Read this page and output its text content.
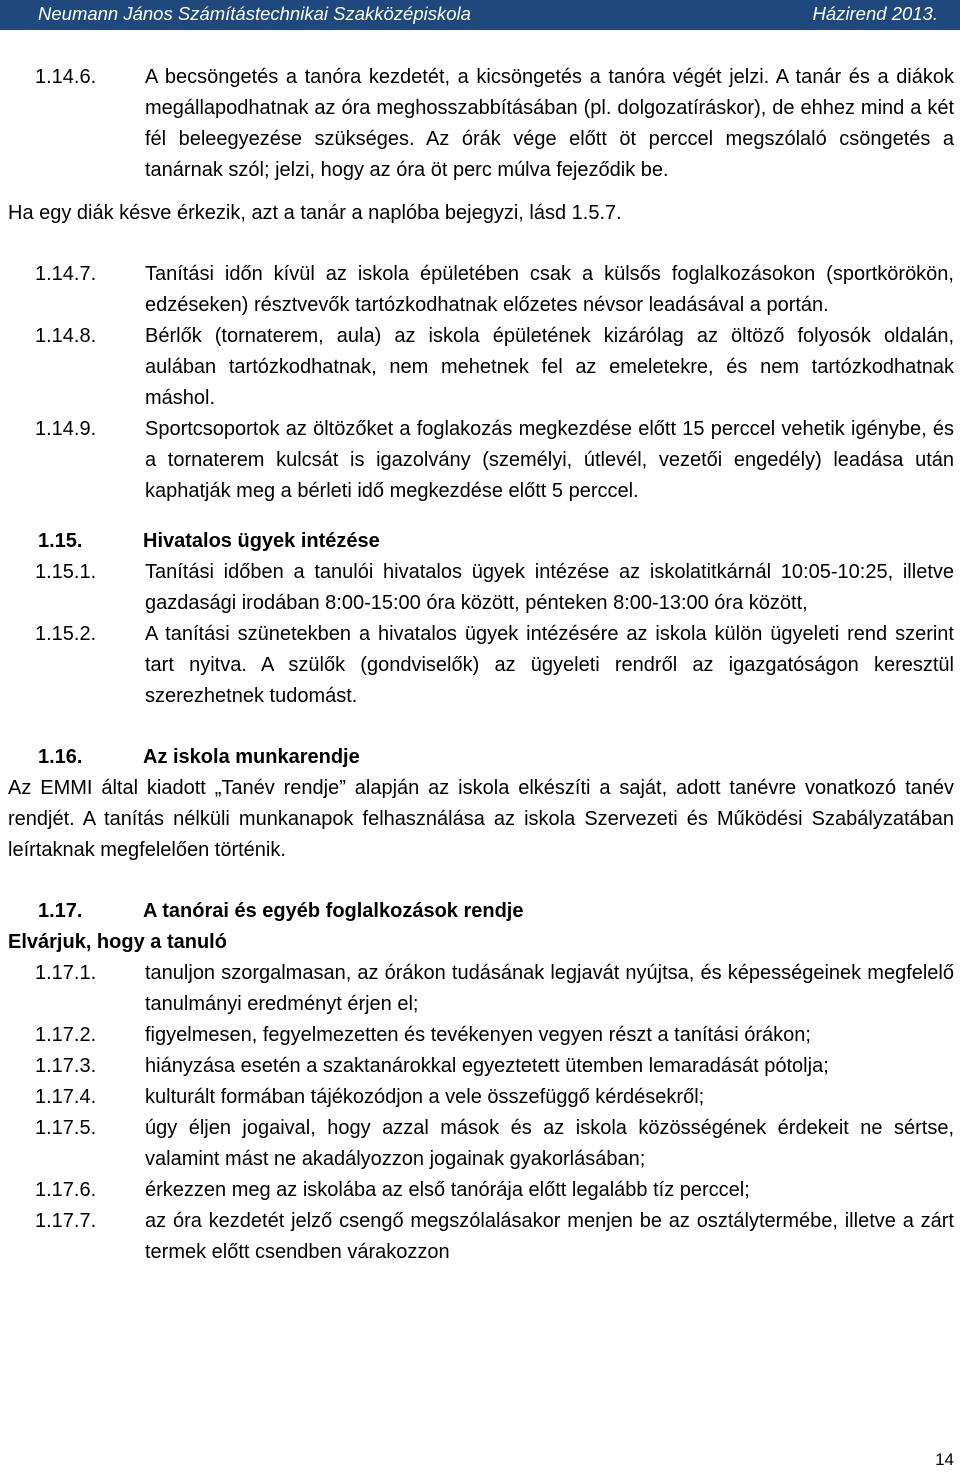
Neumann János Számítástechnikai Szakközépiskola	Házirend 2013.
1.14.6. A becsöngetés a tanóra kezdetét, a kicsöngetés a tanóra végét jelzi. A tanár és a diákok megállapodhatnak az óra meghosszabbításában (pl. dolgozatíráskor), de ehhez mind a két fél beleegyezése szükséges. Az órák vége előtt öt perccel megszólaló csöngetés a tanárnak szól; jelzi, hogy az óra öt perc múlva fejeződik be.
Ha egy diák késve érkezik, azt a tanár a naplóba bejegyzi, lásd 1.5.7.
1.14.7. Tanítási időn kívül az iskola épületében csak a külsős foglalkozásokon (sportkörökön, edzéseken) résztvevők tartózkodhatnak előzetes névsor leadásával a portán.
1.14.8. Bérlők (tornaterem, aula) az iskola épületének kizárólag az öltöző folyosók oldalán, aulában tartózkodhatnak, nem mehetnek fel az emeletekre, és nem tartózkodhatnak máshol.
1.14.9. Sportcsoportok az öltözőket a foglakozás megkezdése előtt 15 perccel vehetik igénybe, és a tornaterem kulcsát is igazolvány (személyi, útlevél, vezetői engedély) leadása után kaphatják meg a bérleti idő megkezdése előtt 5 perccel.
1.15.	Hivatalos ügyek intézése
1.15.1. Tanítási időben a tanulói hivatalos ügyek intézése az iskolatitkárnál 10:05-10:25, illetve gazdasági irodában 8:00-15:00 óra között, pénteken 8:00-13:00 óra között,
1.15.2. A tanítási szünetekben a hivatalos ügyek intézésére az iskola külön ügyeleti rend szerint tart nyitva. A szülők (gondviselők) az ügyeleti rendről az igazgatóságon keresztül szerezhetnek tudomást.
1.16.	Az iskola munkarendje
Az EMMI által kiadott „Tanév rendje” alapján az iskola elkészíti a saját, adott tanévre vonatkozó tanév rendjét. A tanítás nélküli munkanapok felhasználása az iskola Szervezeti és Működési Szabályzatában leírtaknak megfelelően történik.
1.17.	A tanórai és egyéb foglalkozások rendje
Elvárjuk, hogy a tanuló
1.17.1. tanuljon szorgalmasan, az órákon tudásának legjavát nyújtsa, és képességeinek megfelelő tanulmányi eredményt érjen el;
1.17.2. figyelmesen, fegyelmezetten és tevékenyen vegyen részt a tanítási órákon;
1.17.3. hiányzása esetén a szaktanárokkal egyeztetett ütemben lemaradását pótolja;
1.17.4. kulturált formában tájékozódjon a vele összefüggő kérdésekről;
1.17.5. úgy éljen jogaival, hogy azzal mások és az iskola közösségének érdekeit ne sértse, valamint mást ne akadályozzon jogainak gyakorlásában;
1.17.6. érkezzen meg az iskolába az első tanórája előtt legalább tíz perccel;
1.17.7. az óra kezdetét jelző csengő megszólalásakor menjen be az osztálytermébe, illetve a zárt termek előtt csendben várakozzon
14
